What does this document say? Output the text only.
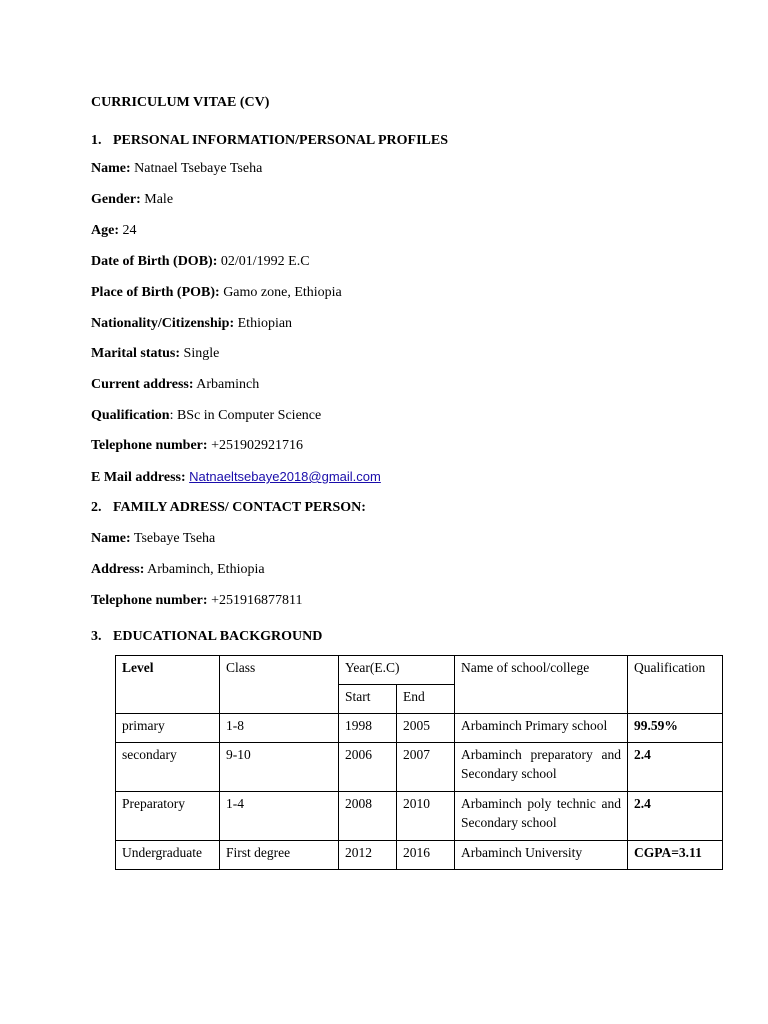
CURRICULUM VITAE (CV)
1. PERSONAL INFORMATION/PERSONAL PROFILES
Name: Natnael Tsebaye Tseha
Gender: Male
Age: 24
Date of Birth (DOB): 02/01/1992 E.C
Place of Birth (POB): Gamo zone, Ethiopia
Nationality/Citizenship: Ethiopian
Marital status: Single
Current address: Arbaminch
Qualification: BSc in Computer Science
Telephone number: +251902921716
E Mail address: Natnaeltsebaye2018@gmail.com
2. FAMILY ADRESS/ CONTACT PERSON:
Name: Tsebaye Tseha
Address: Arbaminch, Ethiopia
Telephone number: +251916877811
3. EDUCATIONAL BACKGROUND
Level	Class	Year(E.C)		Name of school/college	Qualification
		Start	End		
primary	1-8	1998	2005	Arbaminch Primary school	99.59%
secondary	9-10	2006	2007	Arbaminch preparatory and Secondary school	2.4
Preparatory	1-4	2008	2010	Arbaminch poly technic and Secondary school	2.4
Undergraduate	First degree	2012	2016	Arbaminch University	CGPA=3.11
